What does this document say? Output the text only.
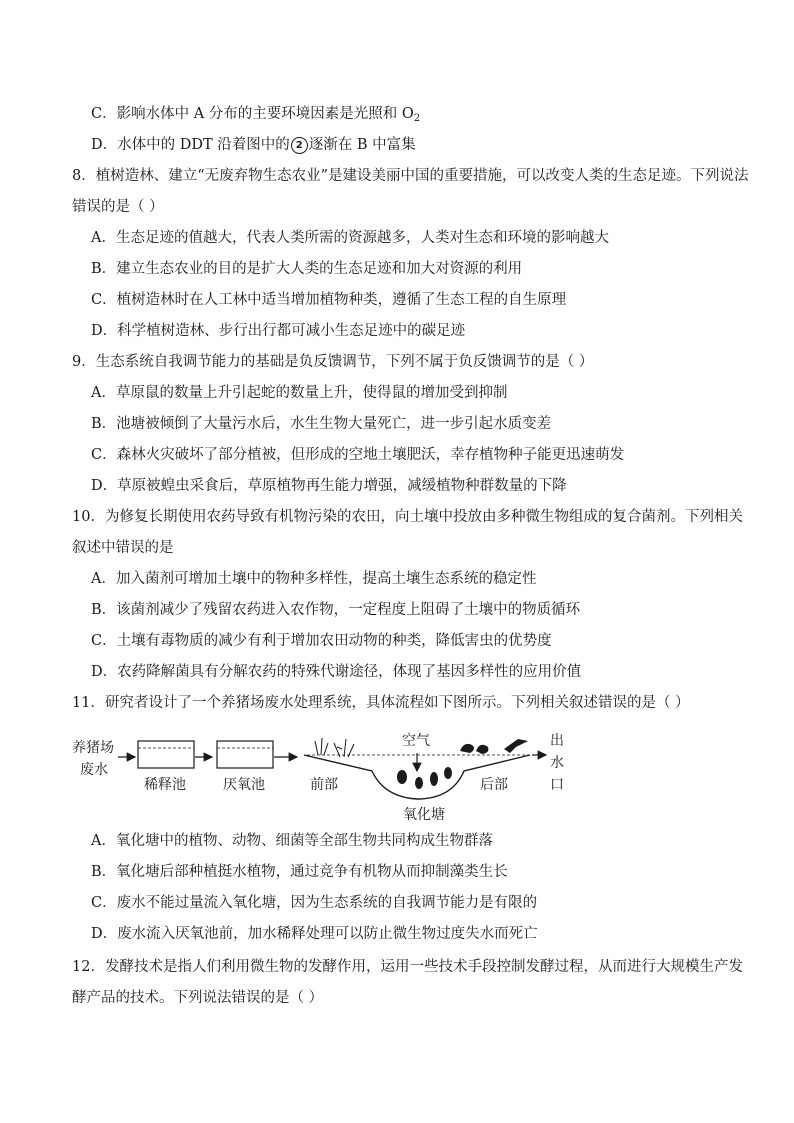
C．影响水体中 A 分布的主要环境因素是光照和 $O_2$
D．水体中的 DDT 沿着图中的 2 逐渐在 B 中富集
8．植树造林、建立“无废弃物生态农业”是建设美丽中国的重要措施，可以改变人类的生态足迹。下列说法
错误的是（ ）
A．生态足迹的值越大，代表人类所需的资源越多，人类对生态和环境的影响越大
B．建立生态农业的目的是扩大人类的生态足迹和加大对资源的利用
C．植树造林时在人工林中适当增加植物种类，遵循了生态工程的自生原理
D．科学植树造林、步行出行都可减小生态足迹中的碳足迹
9．生态系统自我调节能力的基础是负反馈调节，下列不属于负反馈调节的是（ ）
A．草原鼠的数量上升引起蛇的数量上升，使得鼠的增加受到抑制
B．池塘被倾倒了大量污水后，水生生物大量死亡，进一步引起水质变差
C．森林火灾破坏了部分植被，但形成的空地土壤肥沃，幸存植物种子能更迅速萌发
D．草原被蝗虫采食后，草原植物再生能力增强，减缓植物种群数量的下降
10．为修复长期使用农药导致有机物污染的农田，向土壤中投放由多种微生物组成的复合菌剂。下列相关
叙述中错误的是
A．加入菌剂可增加土壤中的物种多样性，提高土壤生态系统的稳定性
B．该菌剂减少了残留农药进入农作物，一定程度上阻碍了土壤中的物质循环
C．土壤有毒物质的减少有利于增加农田动物的种类，降低害虫的优势度
D．农药降解菌具有分解农药的特殊代谢途径，体现了基因多样性的应用价值
11．研究者设计了一个养猪场废水处理系统，具体流程如下图所示。下列相关叙述错误的是（ ）
养猪场
废水
稀释池	厌氧池
空气
前部	后部
氧化塘
出
水
口
A．氧化塘中的植物、动物、细菌等全部生物共同构成生物群落
B．氧化塘后部种植挺水植物，通过竞争有机物从而抑制藻类生长
C．废水不能过量流入氧化塘，因为生态系统的自我调节能力是有限的
D．废水流入厌氧池前，加水稀释处理可以防止微生物过度失水而死亡
12．发酵技术是指人们利用微生物的发酵作用，运用一些技术手段控制发酵过程，从而进行大规模生产发
酵产品的技术。下列说法错误的是（ ）
